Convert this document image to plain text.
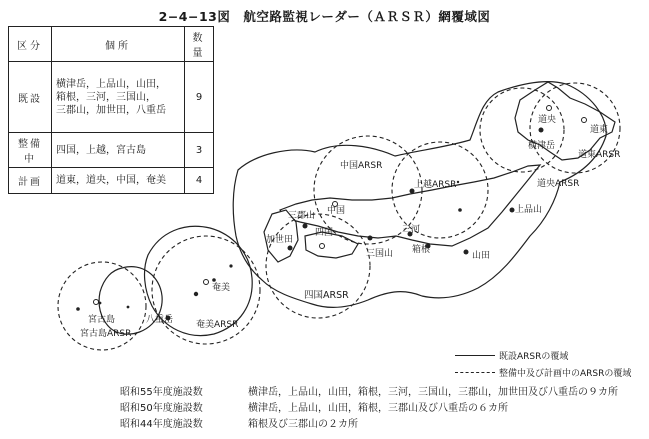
2−4−13図　航空路監視レーダー（ＡＲＳＲ）網覆域図
区分	個所	数量
既設	横津岳，上品山，山田，
箱根，三河，三国山，
三郡山，加世田，八重岳	9
整備中	四国，上越，宮古島	3
計画	道東，道央，中国，奄美	4
道央
横津岳
道東
道東ARSR
道央ARSR
中国ARSR
上越ARSR
上品山
中国
三郡山
加世田
四国	三河
箱根
三国山	山田
四国ARSR
奄美
八重岳	奄美ARSR
宮古島
宮古島ARSR
既設ARSRの覆域
整備中及び計画中のARSRの覆域
昭和55年度施設数	横津岳，上品山，山田，箱根，三河，三国山，三郡山，加世田及び八重岳の９カ所
昭和50年度施設数	横津岳，上品山，山田，箱根，三郡山及び八重岳の６カ所
昭和44年度施設数	箱根及び三郡山の２カ所
